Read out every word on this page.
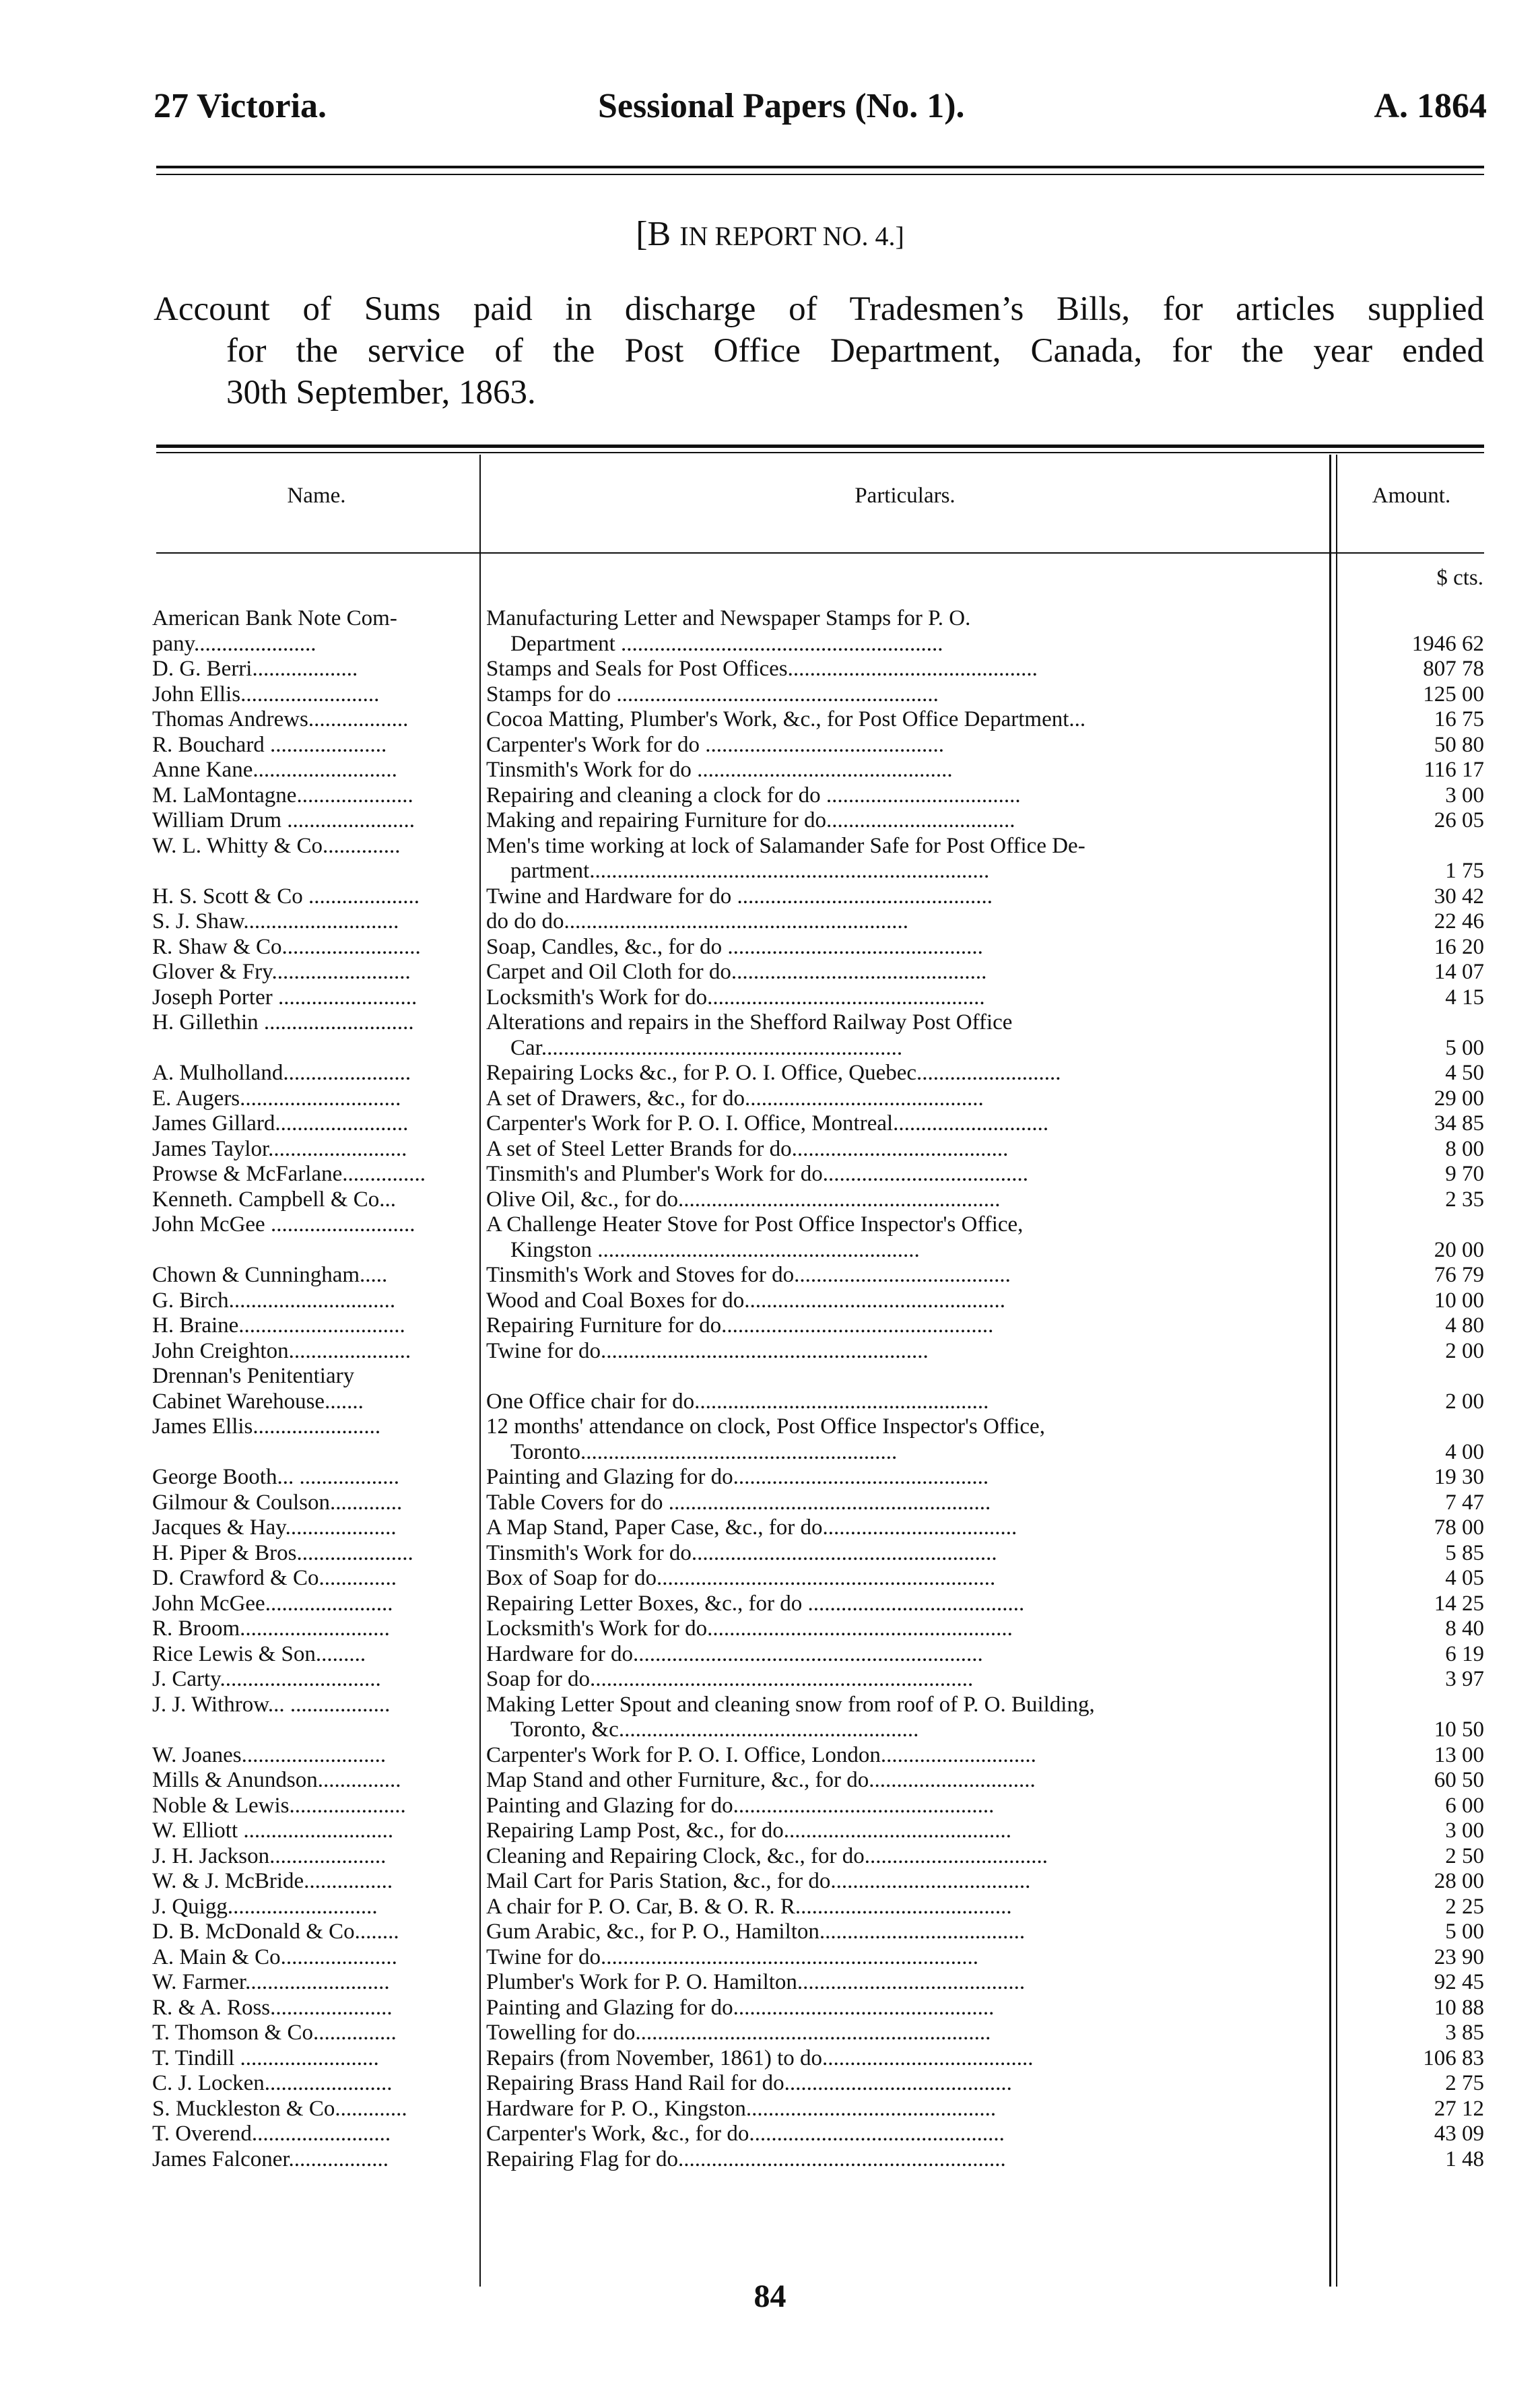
27 Victoria.	Sessional Papers (No. 1).	A. 1864
[B IN REPORT NO. 4.]
Account of Sums paid in discharge of Tradesmen’s Bills, for articles supplied
for the service of the Post Office Department, Canada, for the year ended
30th September, 1863.
Name.	Particulars.	Amount.
$ cts.
American Bank Note Com-	Manufacturing Letter and Newspaper Stamps for P. O.
pany......................	Department ..........................................................	1946 62
D. G. Berri...................	Stamps and Seals for Post Offices.............................................	807 78
John Ellis.........................	Stamps for do ..........................................................	125 00
Thomas Andrews..................	Cocoa Matting, Plumber's Work, &c., for Post Office Department...	16 75
R. Bouchard .....................	Carpenter's Work for do ...........................................	50 80
Anne Kane..........................	Tinsmith's Work for do ..............................................	116 17
M. LaMontagne.....................	Repairing and cleaning a clock for do ...................................	3 00
William Drum .......................	Making and repairing Furniture for do..................................	26 05
W. L. Whitty & Co..............	Men's time working at lock of Salamander Safe for Post Office De-
partment........................................................................	1 75
H. S. Scott & Co ....................	Twine and Hardware for do ..............................................	30 42
S. J. Shaw............................	do do do..............................................................	22 46
R. Shaw & Co.........................	Soap, Candles, &c., for do ..............................................	16 20
Glover & Fry.........................	Carpet and Oil Cloth for do..............................................	14 07
Joseph Porter .........................	Locksmith's Work for do..................................................	4 15
H. Gillethin ...........................	Alterations and repairs in the Shefford Railway Post Office
Car.................................................................	5 00
A. Mulholland.......................	Repairing Locks &c., for P. O. I. Office, Quebec..........................	4 50
E. Augers.............................	A set of Drawers, &c., for do...........................................	29 00
James Gillard........................	Carpenter's Work for P. O. I. Office, Montreal............................	34 85
James Taylor.........................	A set of Steel Letter Brands for do.......................................	8 00
Prowse & McFarlane...............	Tinsmith's and Plumber's Work for do.....................................	9 70
Kenneth. Campbell & Co...	Olive Oil, &c., for do..........................................................	2 35
John McGee ..........................	A Challenge Heater Stove for Post Office Inspector's Office,
Kingston ..........................................................	20 00
Chown & Cunningham.....	Tinsmith's Work and Stoves for do.......................................	76 79
G. Birch..............................	Wood and Coal Boxes for do...............................................	10 00
H. Braine..............................	Repairing Furniture for do.................................................	4 80
John Creighton......................	Twine for do...........................................................	2 00
Drennan's Penitentiary
Cabinet Warehouse.......	One Office chair for do.....................................................	2 00
James Ellis.......................	12 months' attendance on clock, Post Office Inspector's Office,
Toronto.........................................................	4 00
George Booth... ..................	Painting and Glazing for do..............................................	19 30
Gilmour & Coulson.............	Table Covers for do ..........................................................	7 47
Jacques & Hay....................	A Map Stand, Paper Case, &c., for do...................................	78 00
H. Piper & Bros.....................	Tinsmith's Work for do.......................................................	5 85
D. Crawford & Co..............	Box of Soap for do.............................................................	4 05
John McGee.......................	Repairing Letter Boxes, &c., for do .......................................	14 25
R. Broom...........................	Locksmith's Work for do.......................................................	8 40
Rice Lewis & Son.........	Hardware for do...............................................................	6 19
J. Carty.............................	Soap for do.....................................................................	3 97
J. J. Withrow... ..................	Making Letter Spout and cleaning snow from roof of P. O. Building,
Toronto, &c......................................................	10 50
W. Joanes..........................	Carpenter's Work for P. O. I. Office, London............................	13 00
Mills & Anundson...............	Map Stand and other Furniture, &c., for do..............................	60 50
Noble & Lewis.....................	Painting and Glazing for do...............................................	6 00
W. Elliott ...........................	Repairing Lamp Post, &c., for do.........................................	3 00
J. H. Jackson.....................	Cleaning and Repairing Clock, &c., for do.................................	2 50
W. & J. McBride................	Mail Cart for Paris Station, &c., for do....................................	28 00
J. Quigg...........................	A chair for P. O. Car, B. & O. R. R.......................................	2 25
D. B. McDonald & Co........	Gum Arabic, &c., for P. O., Hamilton.....................................	5 00
A. Main & Co.....................	Twine for do....................................................................	23 90
W. Farmer..........................	Plumber's Work for P. O. Hamilton.........................................	92 45
R. & A. Ross......................	Painting and Glazing for do...............................................	10 88
T. Thomson & Co...............	Towelling for do................................................................	3 85
T. Tindill .........................	Repairs (from November, 1861) to do......................................	106 83
C. J. Locken.......................	Repairing Brass Hand Rail for do.........................................	2 75
S. Muckleston & Co.............	Hardware for P. O., Kingston.............................................	27 12
T. Overend.........................	Carpenter's Work, &c., for do..............................................	43 09
James Falconer..................	Repairing Flag for do...........................................................	1 48
84
